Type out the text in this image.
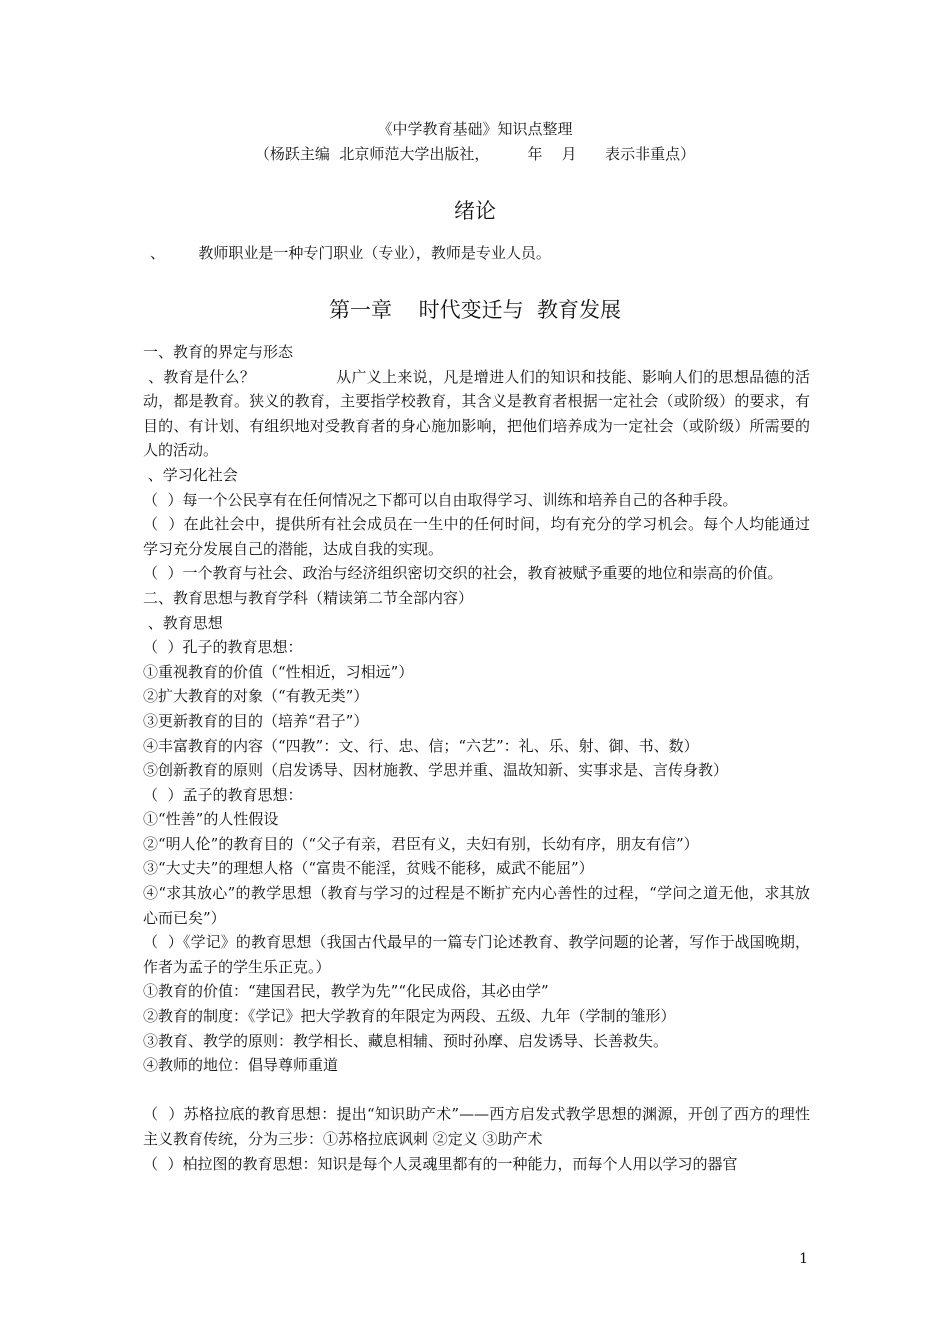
《中学教育基础》知识点整理
（杨跃主编  北京师范大学出版社，        年    月      表示非重点）
绪论
、       教师职业是一种专门职业（专业），教师是专业人员。
第一章    时代变迁与  教育发展

一、教育的界定与形态

、教育是什么？                从广义上来说，凡是增进人们的知识和技能、影响人们的思想品德的活动，都是教育。狭义的教育，主要指学校教育，其含义是教育者根据一定社会（或阶级）的要求，有目的、有计划、有组织地对受教育者的身心施加影响，把他们培养成为一定社会（或阶级）所需要的人的活动。

、学习化社会

（  ）每一个公民享有在任何情况之下都可以自由取得学习、训练和培养自己的各种手段。

（  ）在此社会中，提供所有社会成员在一生中的任何时间，均有充分的学习机会。每个人均能通过学习充分发展自己的潜能，达成自我的实现。

（  ）一个教育与社会、政治与经济组织密切交织的社会，教育被赋予重要的地位和崇高的价值。

二、教育思想与教育学科（精读第二节全部内容）

、教育思想

（  ）孔子的教育思想：

①重视教育的价值（“性相近，习相远”）

②扩大教育的对象（“有教无类”）

③更新教育的目的（培养“君子”）

④丰富教育的内容（“四教”：文、行、忠、信；“六艺”：礼、乐、射、御、书、数）

⑤创新教育的原则（启发诱导、因材施教、学思并重、温故知新、实事求是、言传身教）

（  ）孟子的教育思想：

①“性善”的人性假设

②“明人伦”的教育目的（“父子有亲，君臣有义，夫妇有别，长幼有序，朋友有信”）

③“大丈夫”的理想人格（“富贵不能淫，贫贱不能移，威武不能屈”）

④“求其放心”的教学思想（教育与学习的过程是不断扩充内心善性的过程，“学问之道无他，求其放心而已矣”）

（  ）《学记》的教育思想（我国古代最早的一篇专门论述教育、教学问题的论著，写作于战国晚期，作者为孟子的学生乐正克。）

①教育的价值：“建国君民，教学为先”“化民成俗，其必由学”

②教育的制度：《学记》把大学教育的年限定为两段、五级、九年（学制的雏形）

③教育、教学的原则：教学相长、藏息相辅、预时孙摩、启发诱导、长善救失。

④教师的地位：倡导尊师重道

（  ）苏格拉底的教育思想：提出“知识助产术”——西方启发式教学思想的渊源，开创了西方的理性主义教育传统，分为三步：①苏格拉底讽刺 ②定义 ③助产术

（  ）柏拉图的教育思想：知识是每个人灵魂里都有的一种能力，而每个人用以学习的器官

1
